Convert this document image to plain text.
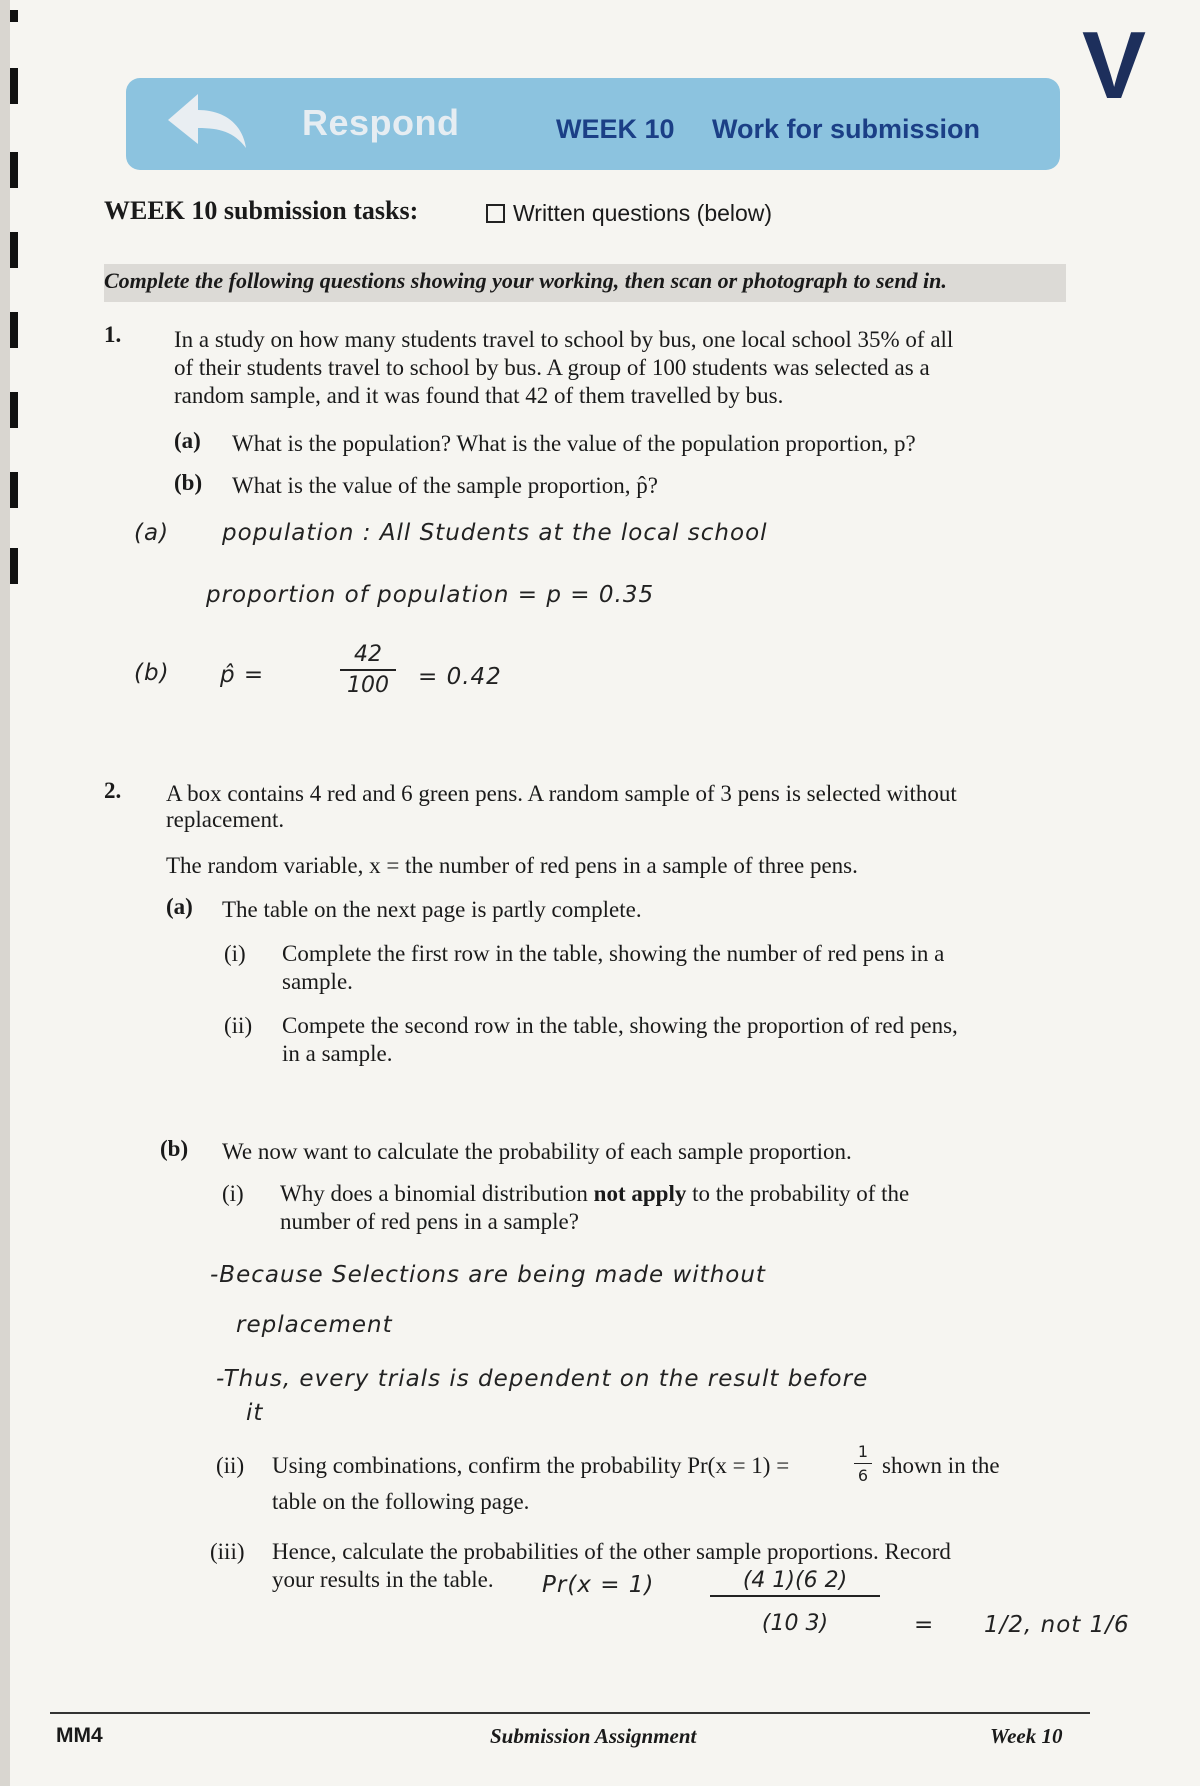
V
Respond	WEEK 10 Work for submission
WEEK 10 submission tasks:	Written questions (below)
Complete the following questions showing your working, then scan or photograph to send in.
1. In a study on how many students travel to school by bus, one local school 35% of all
of their students travel to school by bus. A group of 100 students was selected as a
random sample, and it was found that 42 of them travelled by bus.
(a) What is the population? What is the value of the population proportion, p?
(b) What is the value of the sample proportion, p̂?
(a) population : All Students at the local school
proportion of population = p = 0.35
(b) p̂ =
42
100	= 0.42
2. A box contains 4 red and 6 green pens. A random sample of 3 pens is selected without
replacement.
The random variable, x = the number of red pens in a sample of three pens.
(a) The table on the next page is partly complete.
(i) Complete the first row in the table, showing the number of red pens in a
sample.
(ii) Compete the second row in the table, showing the proportion of red pens,
in a sample.
(b) We now want to calculate the probability of each sample proportion.
(i) Why does a binomial distribution not apply to the probability of the
number of red pens in a sample?
-Because Selections are being made without
replacement
-Thus, every trials is dependent on the result before
it
(ii) Using combinations, confirm the probability Pr(x = 1) =
1
6 shown in the
table on the following page.
(iii) Hence, calculate the probabilities of the other sample proportions. Record
your results in the table. Pr(x = 1)	(4 1)(6 2)
(10 3)	= 1/2, not 1/6
MM4	Submission Assignment	Week 10
